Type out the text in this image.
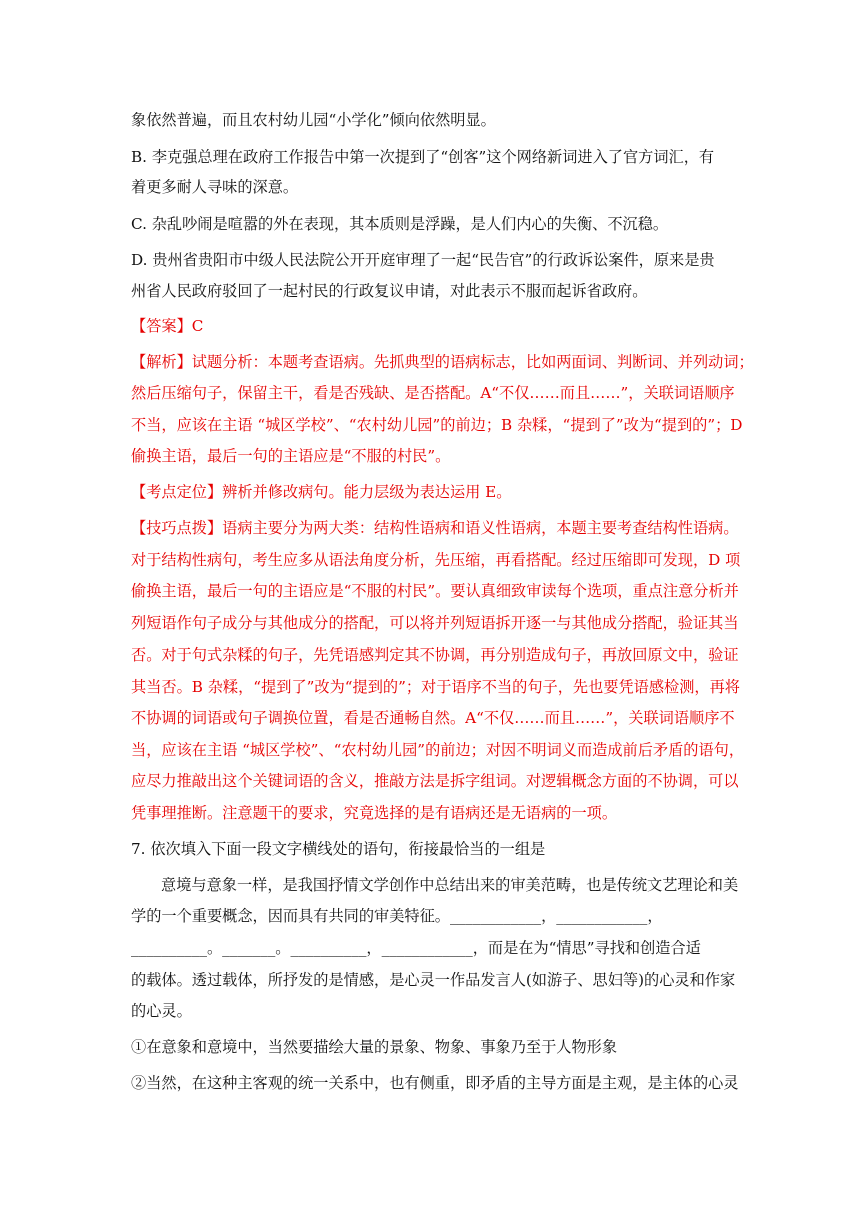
象依然普遍，而且农村幼儿园“小学化”倾向依然明显。
B. 李克强总理在政府工作报告中第一次提到了“创客”这个网络新词进入了官方词汇，有
着更多耐人寻味的深意。
C. 杂乱吵闹是喧嚣的外在表现，其本质则是浮躁，是人们内心的失衡、不沉稳。
D. 贵州省贵阳市中级人民法院公开开庭审理了一起“民告官”的行政诉讼案件，原来是贵
州省人民政府驳回了一起村民的行政复议申请，对此表示不服而起诉省政府。
【答案】C
【解析】试题分析：本题考查语病。先抓典型的语病标志，比如两面词、判断词、并列动词；
然后压缩句子，保留主干，看是否残缺、是否搭配。A“不仅……而且……”，关联词语顺序
不当，应该在主语 “城区学校”、“农村幼儿园”的前边；B 杂糅，“提到了”改为“提到的”；D
偷换主语，最后一句的主语应是“不服的村民”。
【考点定位】辨析并修改病句。能力层级为表达运用 E。
【技巧点拨】语病主要分为两大类：结构性语病和语义性语病，本题主要考查结构性语病。
对于结构性病句，考生应多从语法角度分析，先压缩，再看搭配。经过压缩即可发现，D 项
偷换主语，最后一句的主语应是“不服的村民”。要认真细致审读每个选项，重点注意分析并
列短语作句子成分与其他成分的搭配，可以将并列短语拆开逐一与其他成分搭配，验证其当
否。对于句式杂糅的句子，先凭语感判定其不协调，再分别造成句子，再放回原文中，验证
其当否。B 杂糅，“提到了”改为“提到的”；对于语序不当的句子，先也要凭语感检测，再将
不协调的词语或句子调换位置，看是否通畅自然。A“不仅……而且……”，关联词语顺序不
当，应该在主语 “城区学校”、“农村幼儿园”的前边；对因不明词义而造成前后矛盾的语句，
应尽力推敲出这个关键词语的含义，推敲方法是拆字组词。对逻辑概念方面的不协调，可以
凭事理推断。注意题干的要求，究竟选择的是有语病还是无语病的一项。
7. 依次填入下面一段文字横线处的语句，衔接最恰当的一组是
意境与意象一样，是我国抒情文学创作中总结出来的审美范畴，也是传统文艺理论和美
学的一个重要概念，因而具有共同的审美特征。____________，____________，
__________。_______。__________，____________，而是在为“情思”寻找和创造合适
的载体。透过载体，所抒发的是情感，是心灵一作品发言人(如游子、思妇等)的心灵和作家
的心灵。
①在意象和意境中，当然要描绘大量的景象、物象、事象乃至于人物形象
②当然，在这种主客观的统一关系中，也有侧重，即矛盾的主导方面是主观，是主体的心灵
